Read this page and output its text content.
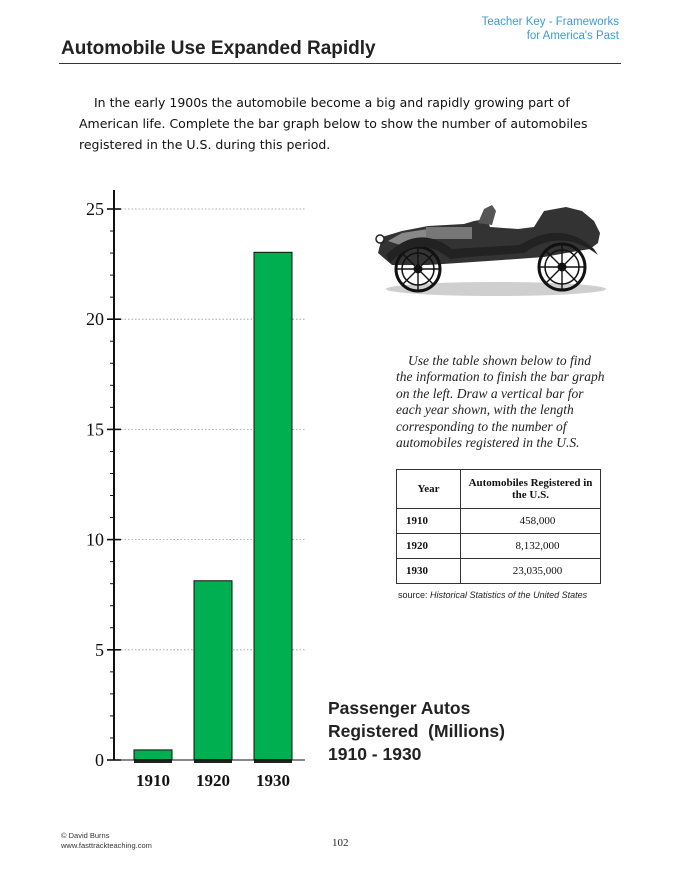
Teacher Key - Frameworks
for America's Past
Automobile Use Expanded Rapidly
In the early 1900s the automobile become a big and rapidly growing part of American life. Complete the bar graph below to show the number of automobiles registered in the U.S. during this period.
0
5
10
15
20
25
1910 1920 1930
Use the table shown below to find the information to finish the bar graph on the left. Draw a vertical bar for each year shown, with the length corresponding to the number of automobiles registered in the U.S.
Year	Automobiles Registered in the U.S.
1910	458,000
1920	8,132,000
1930	23,035,000
source: Historical Statistics of the United States
Passenger Autos
Registered  (Millions)
1910 - 1930
© David Burns
www.fasttrackteaching.com	102
